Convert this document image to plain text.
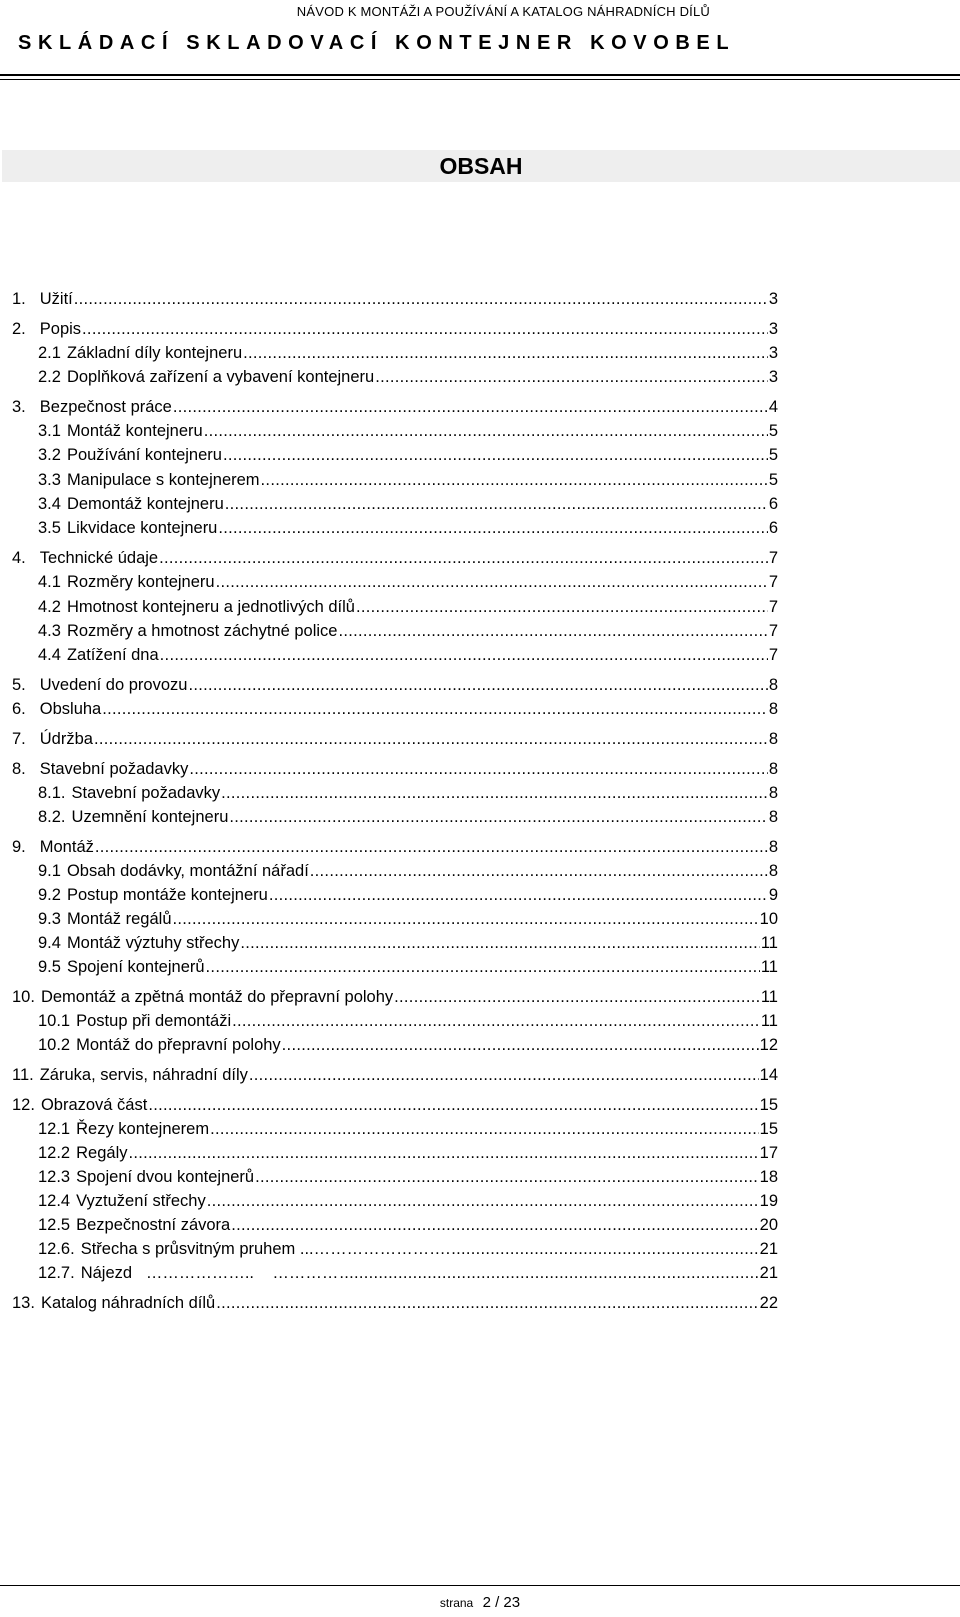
NÁVOD K MONTÁŽI A POUŽÍVÁNÍ A KATALOG NÁHRADNÍCH DÍLŮ
SKLÁDACÍ SKLADOVACÍ KONTEJNER KOVOBEL
OBSAH
1. Užití .....	3
2. Popis .....	3
2.1 Základní díly kontejneru .....	3
2.2 Doplňková zařízení a vybavení kontejneru .....	3
3. Bezpečnost práce .....	4
3.1 Montáž kontejneru .....	5
3.2 Používání kontejneru .....	5
3.3 Manipulace s kontejnerem .....	5
3.4 Demontáž kontejneru .....	6
3.5 Likvidace kontejneru .....	6
4. Technické údaje .....	7
4.1 Rozměry kontejneru .....	7
4.2 Hmotnost kontejneru a jednotlivých dílů .....	7
4.3 Rozměry a hmotnost záchytné police .....	7
4.4 Zatížení dna .....	7
5. Uvedení do provozu .....	8
6. Obsluha .....	8
7. Údržba .....	8
8. Stavební požadavky .....	8
8.1. Stavební požadavky .....	8
8.2. Uzemnění kontejneru .....	8
9. Montáž .....	8
9.1 Obsah dodávky, montážní nářadí .....	8
9.2 Postup montáže kontejneru .....	9
9.3 Montáž regálů .....	10
9.4 Montáž výztuhy střechy .....	11
9.5 Spojení kontejnerů .....	11
10. Demontáž a zpětná montáž do přepravní polohy .....	11
10.1 Postup při demontáži .....	11
10.2 Montáž do přepravní polohy .....	12
11. Záruka, servis, náhradní díly .....	14
12. Obrazová část .....	15
12.1 Řezy kontejnerem .....	15
12.2 Regály .....	17
12.3 Spojení dvou kontejnerů .....	18
12.4 Vyztužení střechy .....	19
12.5 Bezpečnostní závora .....	20
12.6. Střecha s průsvitným pruhem ...……………………. .....	21
12.7. Nájezd   ………………..    ………… .....	21
13. Katalog náhradních dílů .....	22
strana 2 / 23
